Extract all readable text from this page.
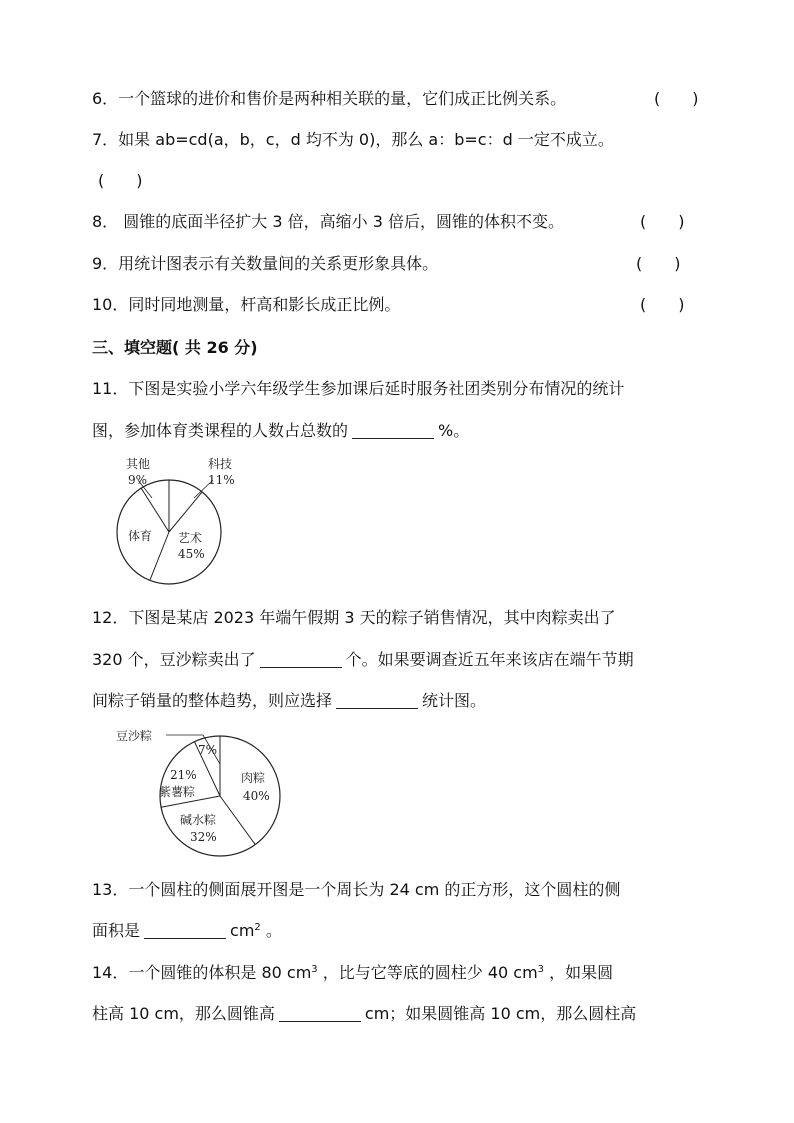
6．一个篮球的进价和售价是两种相关联的量，它们成正比例关系。	(　　)
7．如果 ab=cd(a，b，c，d 均不为 0)，那么 a：b=c：d 一定不成立。
(　　)
8． 圆锥的底面半径扩大 3 倍，高缩小 3 倍后，圆锥的体积不变。	(　　)
9．用统计图表示有关数量间的关系更形象具体。	(　　)
10．同时同地测量，杆高和影长成正比例。	(　　)
三、填空题( 共 26 分)
11．下图是实验小学六年级学生参加课后延时服务社团类别分布情况的统计
图，参加体育类课程的人数占总数的	%。
其他
9%
科技
11%
体育 艺术
45%
12．下图是某店 2023 年端午假期 3 天的粽子销售情况，其中肉粽卖出了
320 个，豆沙粽卖出了	个。如果要调查近五年来该店在端午节期
间粽子销量的整体趋势，则应选择	统计图。
豆沙粽
7%
肉粽
40%
21%
紫薯粽
碱水粽
32%
13．一个圆柱的侧面展开图是一个周长为 24 cm 的正方形，这个圆柱的侧
面积是	$cm^2$ 。
14．一个圆锥的体积是 80 $cm^3$ ，比与它等底的圆柱少 40 $cm^3$ ，如果圆
柱高 10 cm，那么圆锥高	cm；如果圆锥高 10 cm，那么圆柱高
